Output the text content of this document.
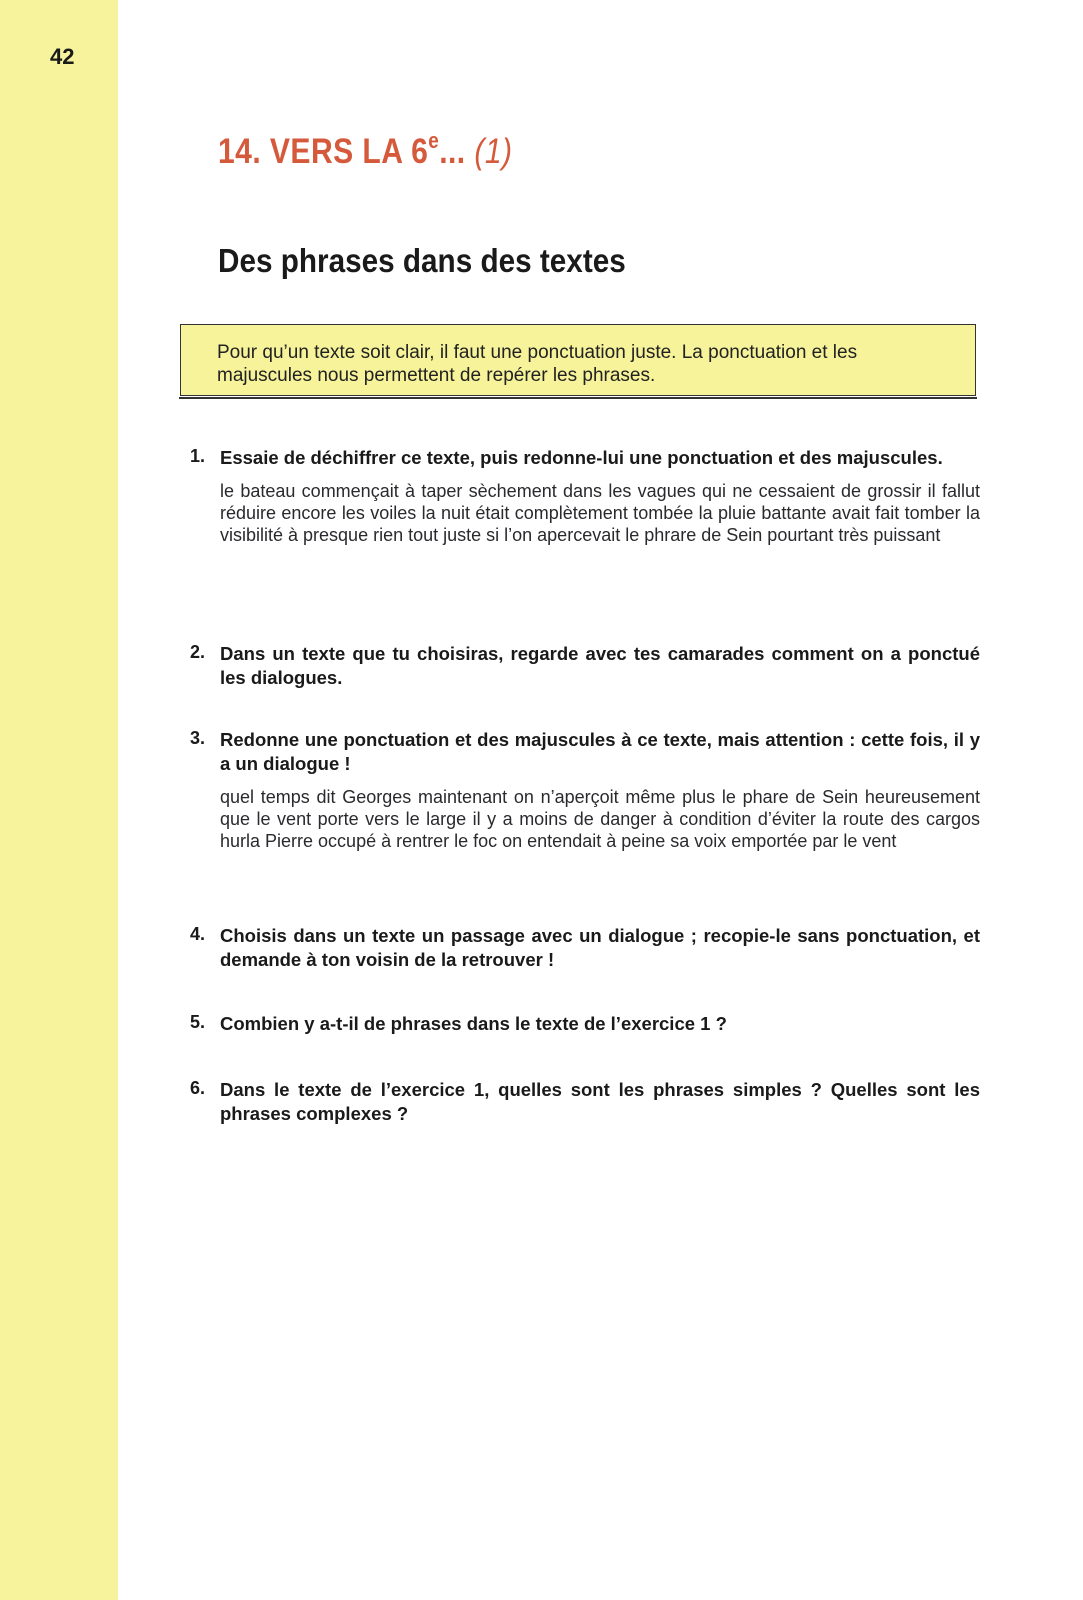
42
14. VERS LA 6e... (1)
Des phrases dans des textes
Pour qu’un texte soit clair, il faut une ponctuation juste. La ponctuation et les majuscules nous permettent de repérer les phrases.
1. Essaie de déchiffrer ce texte, puis redonne-lui une ponctuation et des majuscules.
le bateau commençait à taper sèchement dans les vagues qui ne cessaient de grossir il fallut réduire encore les voiles la nuit était complètement tombée la pluie battante avait fait tomber la visibilité à presque rien tout juste si l’on apercevait le phrare de Sein pourtant très puissant
2. Dans un texte que tu choisiras, regarde avec tes camarades comment on a ponctué les dialogues.
3. Redonne une ponctuation et des majuscules à ce texte, mais attention : cette fois, il y a un dialogue !
quel temps dit Georges maintenant on n’aperçoit même plus le phare de Sein heureusement que le vent porte vers le large il y a moins de danger à condition d’éviter la route des cargos hurla Pierre occupé à rentrer le foc on entendait à peine sa voix emportée par le vent
4. Choisis dans un texte un passage avec un dialogue ; recopie-le sans ponctuation, et demande à ton voisin de la retrouver !
5. Combien y a-t-il de phrases dans le texte de l’exercice 1 ?
6. Dans le texte de l’exercice 1, quelles sont les phrases simples ? Quelles sont les phrases complexes ?
